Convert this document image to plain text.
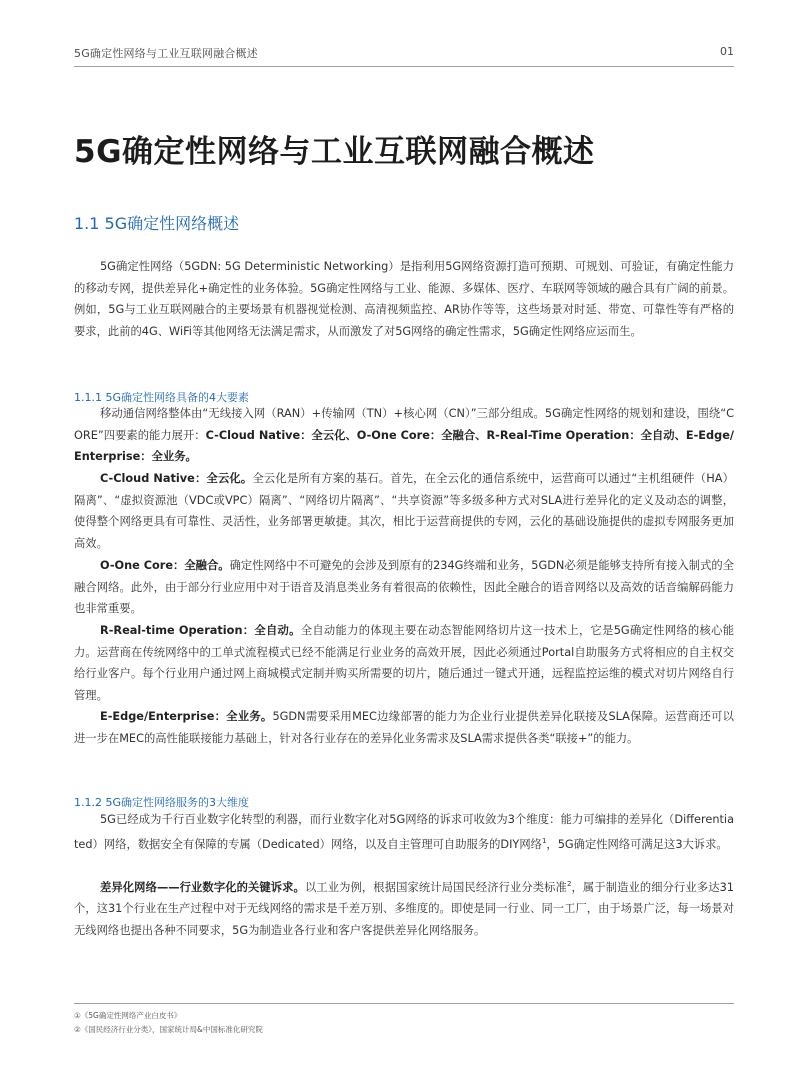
5G确定性网络与工业互联网融合概述	01
5G确定性网络与工业互联网融合概述
1.1 5G确定性网络概述

5G确定性网络（5GDN: 5G Deterministic Networking）是指利用5G网络资源打造可预期、可规划、可验证，有确定性能力的移动专网，提供差异化+确定性的业务体验。5G确定性网络与工业、能源、多媒体、医疗、车联网等领域的融合具有广阔的前景。例如，5G与工业互联网融合的主要场景有机器视觉检测、高清视频监控、AR协作等等，这些场景对时延、带宽、可靠性等有严格的要求，此前的4G、WiFi等其他网络无法满足需求，从而激发了对5G网络的确定性需求，5G确定性网络应运而生。

1.1.1 5G确定性网络具备的4大要素

移动通信网络整体由“无线接入网（RAN）+传输网（TN）+核心网（CN）”三部分组成。5G确定性网络的规划和建设，围绕“CORE”四要素的能力展开：C-Cloud Native：全云化、O-One Core：全融合、R-Real-Time Operation：全自动、E-Edge/Enterprise：全业务。

C-Cloud Native：全云化。全云化是所有方案的基石。首先，在全云化的通信系统中，运营商可以通过“主机组硬件（HA）隔离”、“虚拟资源池（VDC或VPC）隔离”、“网络切片隔离”、“共享资源”等多级多种方式对SLA进行差异化的定义及动态的调整，使得整个网络更具有可靠性、灵活性，业务部署更敏捷。其次，相比于运营商提供的专网，云化的基础设施提供的虚拟专网服务更加高效。

O-One Core：全融合。确定性网络中不可避免的会涉及到原有的234G终端和业务，5GDN必须是能够支持所有接入制式的全融合网络。此外，由于部分行业应用中对于语音及消息类业务有着很高的依赖性，因此全融合的语音网络以及高效的话音编解码能力也非常重要。

R-Real-time Operation：全自动。全自动能力的体现主要在动态智能网络切片这一技术上，它是5G确定性网络的核心能力。运营商在传统网络中的工单式流程模式已经不能满足行业业务的高效开展，因此必须通过Portal自助服务方式将相应的自主权交给行业客户。每个行业用户通过网上商城模式定制并购买所需要的切片，随后通过一键式开通，远程监控运维的模式对切片网络自行管理。

E-Edge/Enterprise：全业务。5GDN需要采用MEC边缘部署的能力为企业行业提供差异化联接及SLA保障。运营商还可以进一步在MEC的高性能联接能力基础上，针对各行业存在的差异化业务需求及SLA需求提供各类“联接+”的能力。

1.1.2 5G确定性网络服务的3大维度

5G已经成为千行百业数字化转型的利器，而行业数字化对5G网络的诉求可收敛为3个维度：能力可编排的差异化（Differentiated）网络，数据安全有保障的专属（Dedicated）网络，以及自主管理可自助服务的DIY网络$^1$，5G确定性网络可满足这3大诉求。

差异化网络——行业数字化的关键诉求。以工业为例，根据国家统计局国民经济行业分类标准$^2$，属于制造业的细分行业多达31个，这31个行业在生产过程中对于无线网络的需求是千差万别、多维度的。即使是同一行业、同一工厂，由于场景广泛，每一场景对无线网络也提出各种不同要求，5G为制造业各行业和客户客提供差异化网络服务。

①《5G确定性网络产业白皮书》
②《国民经济行业分类》，国家统计局&中国标准化研究院
